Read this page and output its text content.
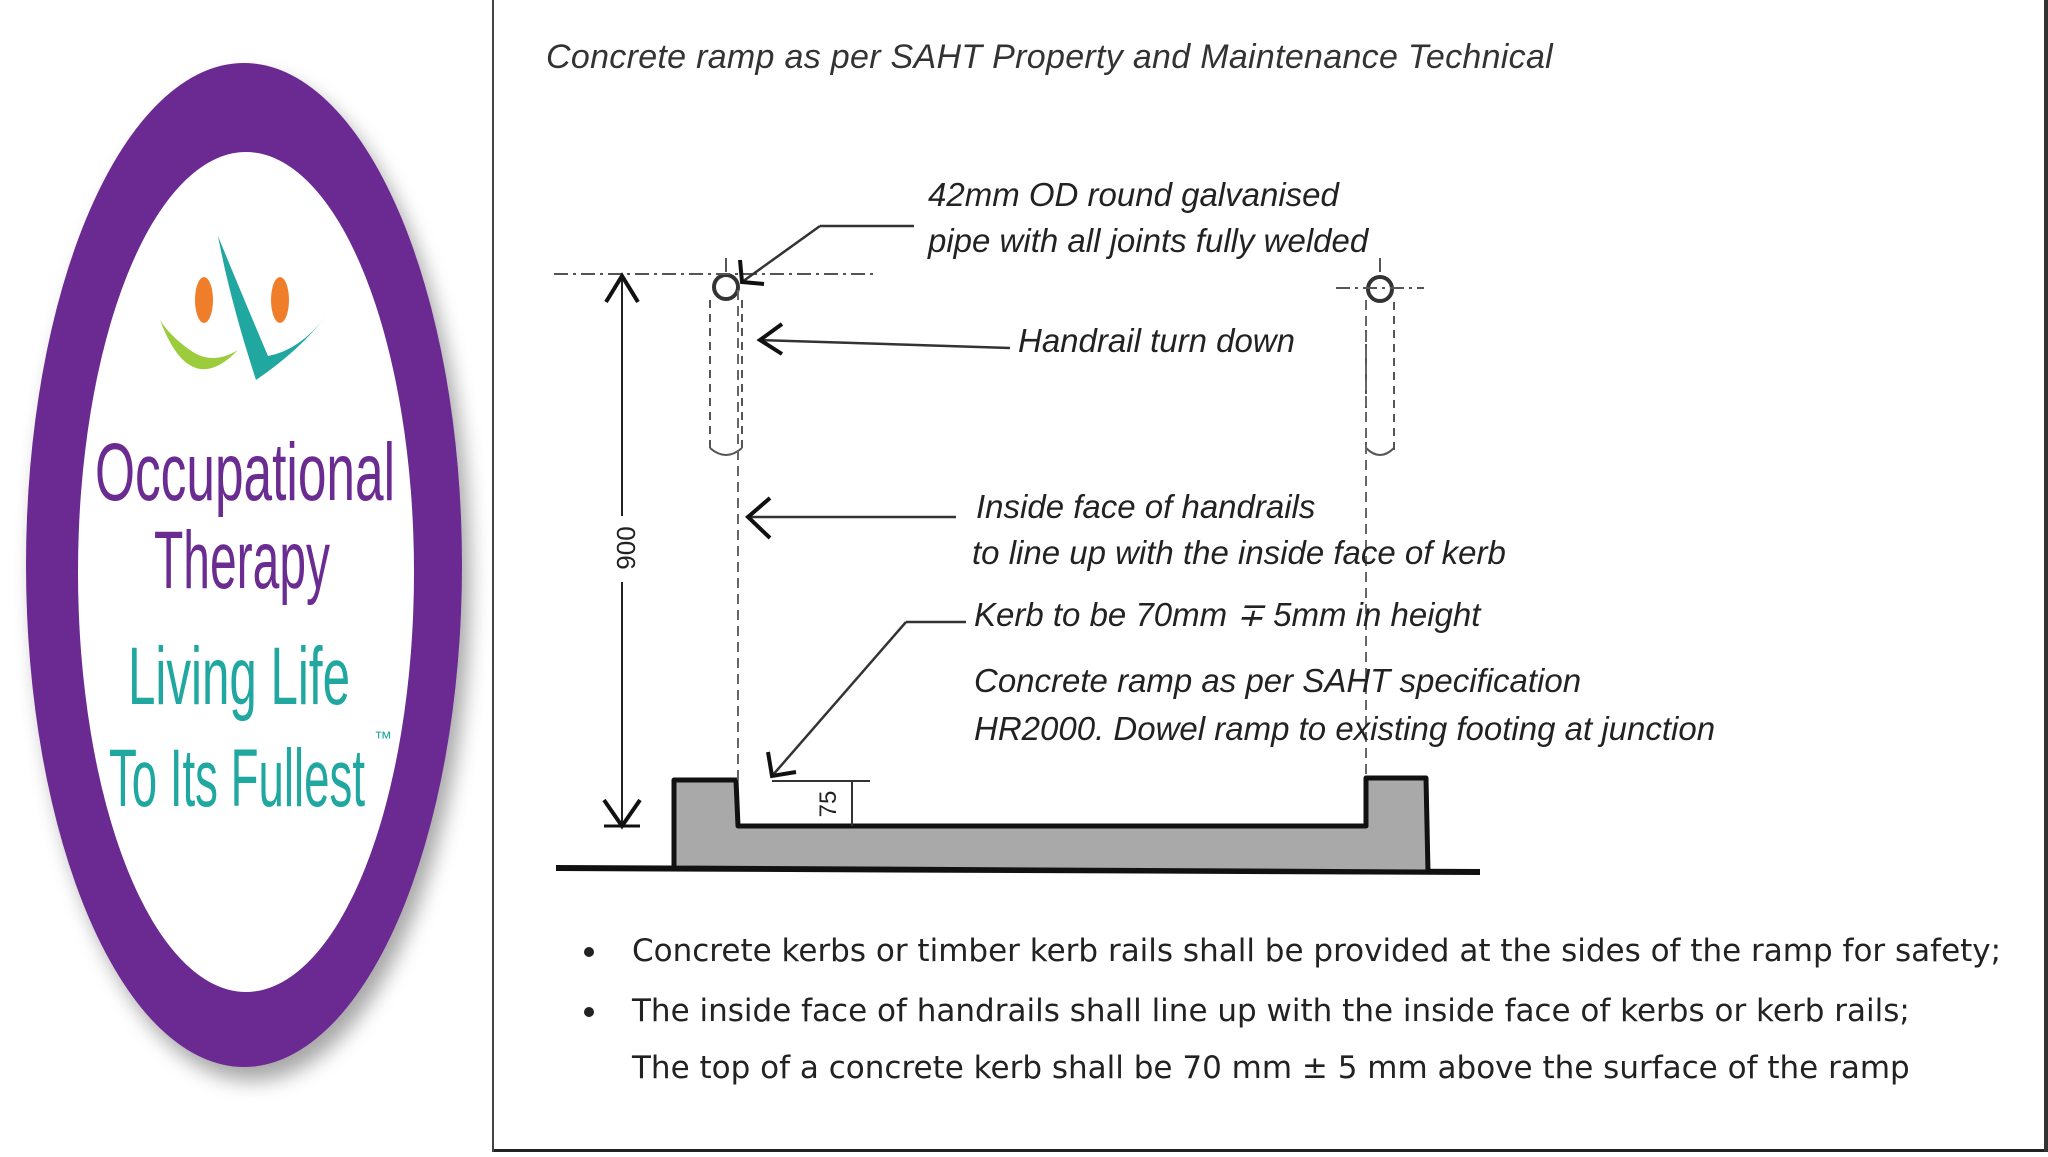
Occupational
Therapy
Living Life
To Its Fullest ™
Concrete ramp as per SAHT Property and Maintenance Technical
900
75
42mm OD round galvanised
pipe with all joints fully welded
Handrail turn down
Inside face of handrails
to line up with the inside face of kerb
Kerb to be 70mm ∓ 5mm in height
Concrete ramp as per SAHT specification
HR2000. Dowel ramp to existing footing at junction
Concrete kerbs or timber kerb rails shall be provided at the sides of the ramp for safety;
The inside face of handrails shall line up with the inside face of kerbs or kerb rails;
The top of a concrete kerb shall be 70 mm ± 5 mm above the surface of the ramp
